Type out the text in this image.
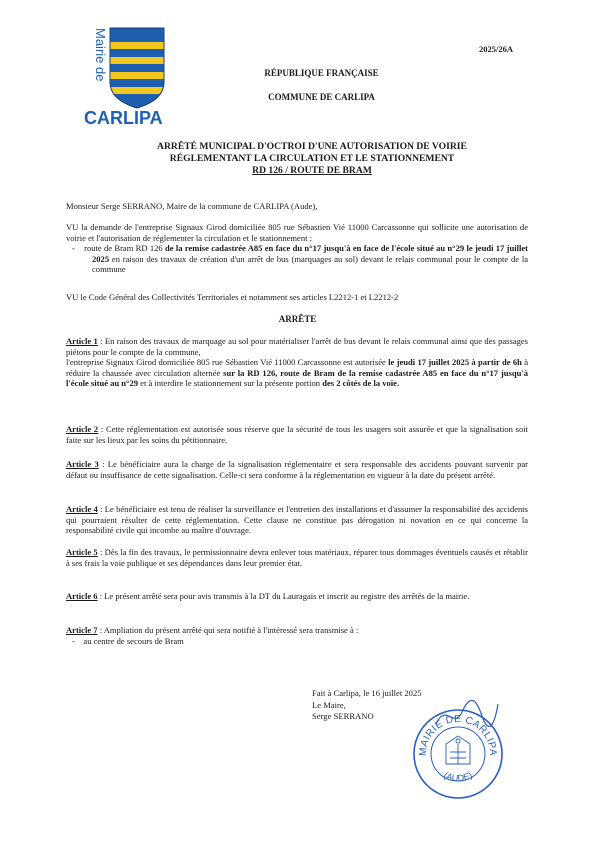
Mairie de
CARLIPA
2025/26A
RÉPUBLIQUE FRANÇAISE
COMMUNE DE CARLIPA
ARRÊTÉ MUNICIPAL D'OCTROI D'UNE AUTORISATION DE VOIRIE
RÉGLEMENTANT LA CIRCULATION ET LE STATIONNEMENT
RD 126 / ROUTE DE BRAM
Monsieur Serge SERRANO, Maire de la commune de CARLIPA (Aude),

VU la demande de l'entreprise Signaux Girod domiciliée 805 rue Sébastien Vié 11000 Carcassonne qui sollicite une autorisation de voirie et l'autorisation de réglementer la circulation et le stationnement :

- route de Bram RD 126 de la remise cadastrée A85 en face du n°17 jusqu'à en face de l'école situé au n°29 le jeudi 17 juillet 2025 en raison des travaux de création d'un arrêt de bus (marquages au sol) devant le relais communal pour le compte de la commune

VU le Code Général des Collectivités Territoriales et notamment ses articles L2212-1 et L2212-2
ARRÊTE

Article 1 : En raison des travaux de marquage au sol pour matérialiser l'arrêt de bus devant le relais communal ainsi que des passages piétons pour le compte de la commune,

l'entreprise Signaux Girod domiciliée 805 rue Sébastien Vié 11000 Carcassonne est autorisée le jeudi 17 juillet 2025 à partir de 6h à réduire la chaussée avec circulation alternée sur la RD 126, route de Bram de la remise cadastrée A85 en face du n°17 jusqu'à l'école situé au n°29 et à interdire le stationnement sur la présente portion des 2 côtés de la voie.

Article 2 : Cette réglementation est autorisée sous réserve que la sécurité de tous les usagers soit assurée et que la signalisation soit faite sur les lieux par les soins du pétitionnaire.

Article 3 : Le bénéficiaire aura la charge de la signalisation réglementaire et sera responsable des accidents pouvant survenir par défaut ou insuffisance de cette signalisation. Celle-ci sera conforme à la réglementation en vigueur à la date du présent arrêté.

Article 4 : Le bénéficiaire est tenu de réaliser la surveillance et l'entretien des installations et d'assumer la responsabilité des accidents qui pourraient résulter de cette réglementation. Cette clause ne constitue pas dérogation ni novation en ce qui concerne la responsabilité civile qui incombe au maître d'ouvrage.

Article 5 : Dès la fin des travaux, le permissionnaire devra enlever tous matériaux, réparer tous dommages éventuels causés et rétablir à ses frais la voie publique et ses dépendances dans leur premier état.

Article 6 : Le présent arrêté sera pour avis transmis à la DT du Lauragais et inscrit au registre des arrêtés de la mairie.

Article 7 : Ampliation du présent arrêté qui sera notifié à l'intéressé sera transmise à :

- au centre de secours de Bram

Fait à Carlipa, le 16 juillet 2025
Le Maire,
Serge SERRANO
MAIRIE DE CARLIPA
(AUDE)
